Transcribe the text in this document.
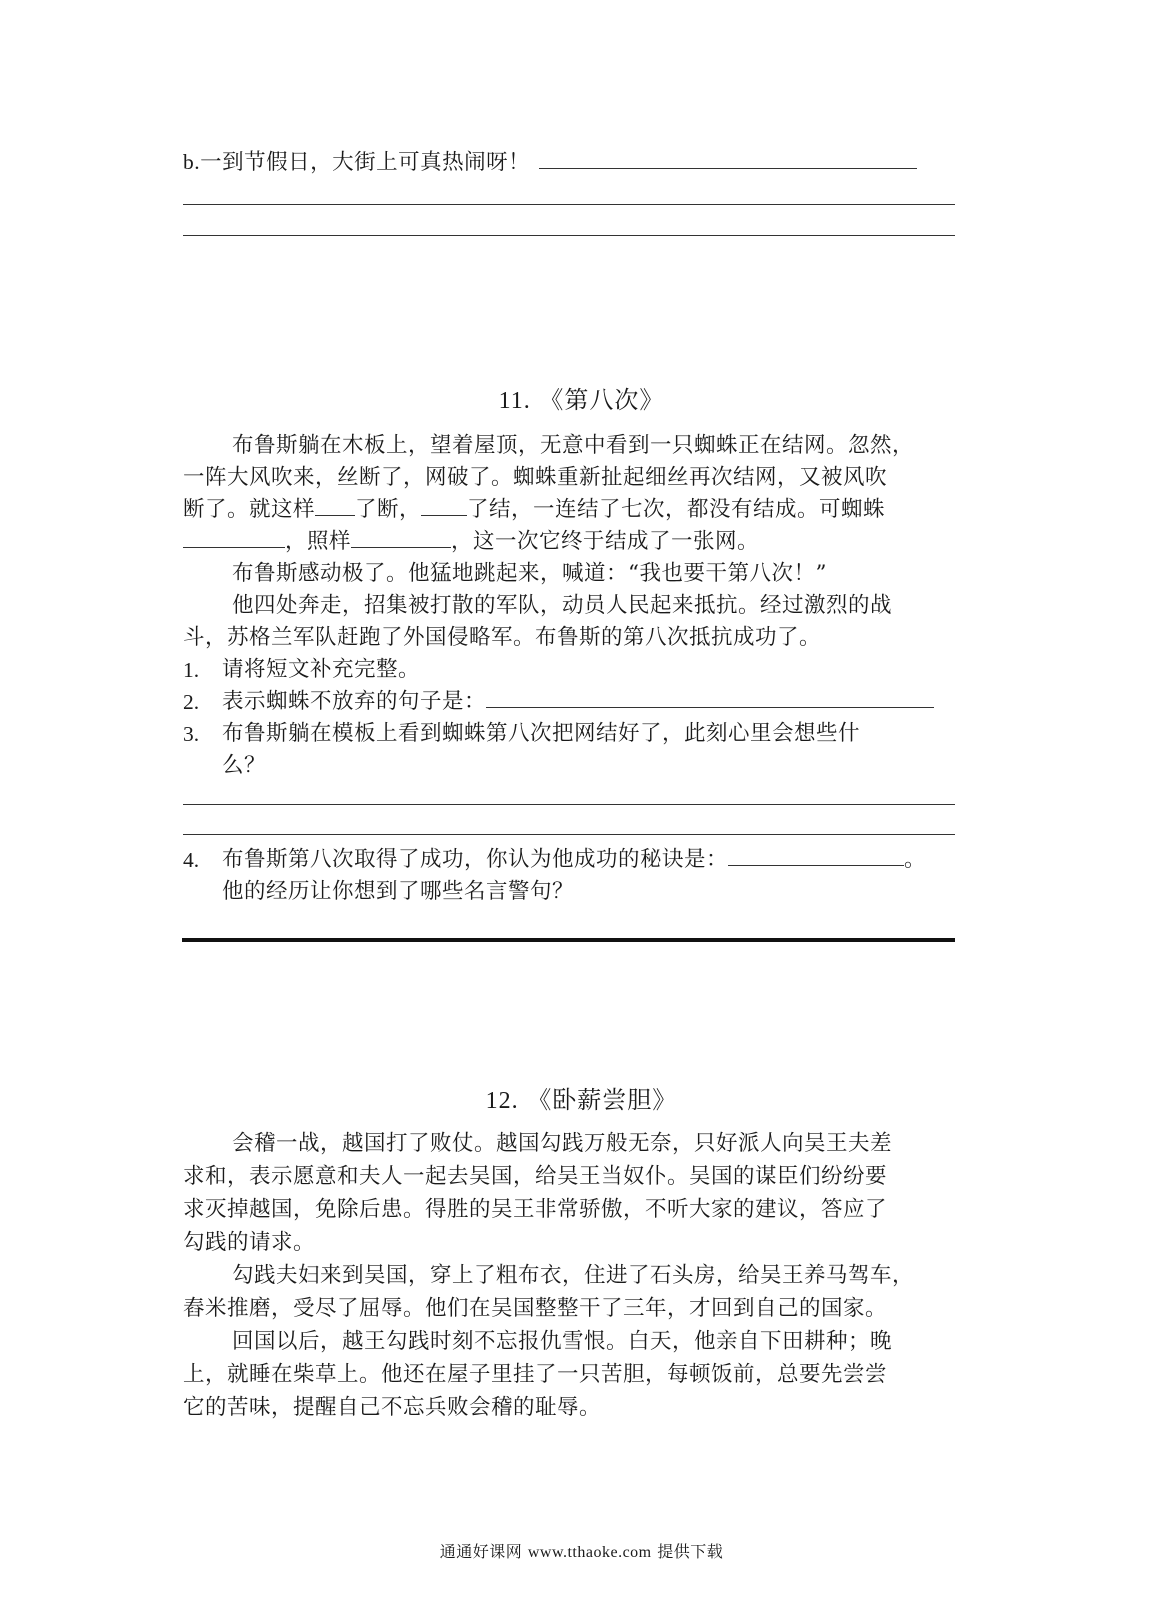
b.一到节假日，大街上可真热闹呀！
11. 《第八次》
布鲁斯躺在木板上，望着屋顶，无意中看到一只蜘蛛正在结网。忽然，
一阵大风吹来，丝断了，网破了。蜘蛛重新扯起细丝再次结网，又被风吹
断了。就这样 了断， 了结，一连结了七次，都没有结成。可蜘蛛
，照样	，这一次它终于结成了一张网。
布鲁斯感动极了。他猛地跳起来，喊道：“我也要干第八次！”
他四处奔走，招集被打散的军队，动员人民起来抵抗。经过激烈的战
斗，苏格兰军队赶跑了外国侵略军。布鲁斯的第八次抵抗成功了。
1. 请将短文补充完整。
2. 表示蜘蛛不放弃的句子是：
3. 布鲁斯躺在模板上看到蜘蛛第八次把网结好了，此刻心里会想些什
么？
4. 布鲁斯第八次取得了成功，你认为他成功的秘诀是：	。
他的经历让你想到了哪些名言警句？
12. 《卧薪尝胆》
会稽一战，越国打了败仗。越国勾践万般无奈，只好派人向吴王夫差
求和，表示愿意和夫人一起去吴国，给吴王当奴仆。吴国的谋臣们纷纷要
求灭掉越国，免除后患。得胜的吴王非常骄傲，不听大家的建议，答应了
勾践的请求。
勾践夫妇来到吴国，穿上了粗布衣，住进了石头房，给吴王养马驾车，
舂米推磨，受尽了屈辱。他们在吴国整整干了三年，才回到自己的国家。
回国以后，越王勾践时刻不忘报仇雪恨。白天，他亲自下田耕种；晚
上，就睡在柴草上。他还在屋子里挂了一只苦胆，每顿饭前，总要先尝尝
它的苦味，提醒自己不忘兵败会稽的耻辱。
通通好课网 www.tthaoke.com 提供下载
